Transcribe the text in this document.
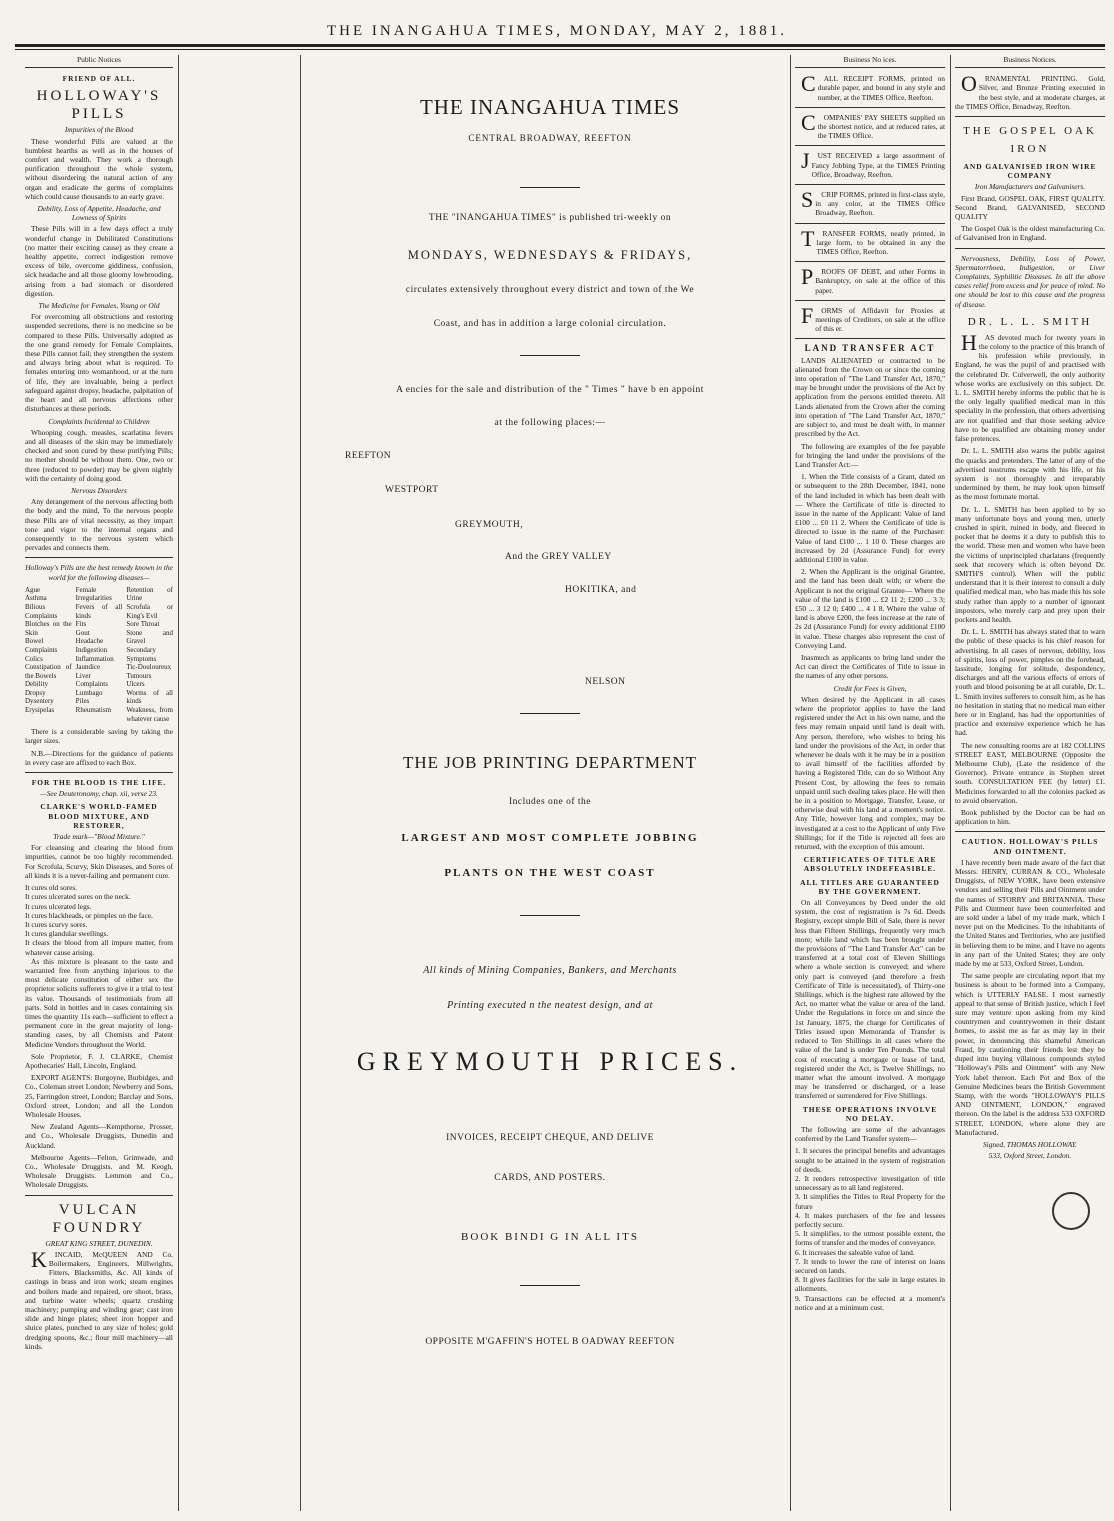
THE INANGAHUA TIMES, MONDAY, MAY 2, 1881.
Public Notices
FRIEND OF ALL.
HOLLOWAY'S PILLS
Impurities of the Blood

These wonderful Pills are valued at the humblest hearths as well as in the houses of comfort and wealth. They work a thorough purification throughout the whole system, without disordering the natural action of any organ and eradicate the germs of complaints which could cause thousands to an early grave.

Debility, Loss of Appetite, Headache, and Lowness of Spirits

These Pills will in a few days effect a truly wonderful change in Debilitated Constitutions (no matter their exciting cause) as they create a healthy appetite, correct indigestion remove excess of bile, overcome giddiness, confusion, sick headache and all those gloomy lowbrooding, arising from a bad stomach or disordered digestion.

The Medicine for Females, Young or Old

For overcoming all obstructions and restoring suspended secretions, there is no medicine so be compared to these Pills. Universally adopted as the one grand remedy for Female Complaints, these Pills cannot fail; they strengthen the system and always bring about what is required. To females entering into womanhood, or at the turn of life, they are invaluable, being a perfect safeguard against dropsy, headache, palpitation of the heart and all nervous affections other disturbances at these periods.

Complaints Incidental to Children

Whooping cough, measles, scarlatina fevers and all diseases of the skin may be immediately checked and soon cured by these purifying Pills; no mother should be without them. One, two or three (reduced to powder) may be given nightly with the certainty of doing good.

Nervous Disorders

Any derangement of the nervous affecting both the body and the mind, To the nervous people these Pills are of vital necessity, as they impart tone and vigor to the internal organs and consequently to the nervous system which pervades and connects them.

Holloway's Pills are the best remedy known in the world for the following diseases—
Ague
Asthma
Bilious Complaints
Blotches on the Skin
Bowel Complaints
Colics
Constipation of the Bowels
Debility
Dropsy
Dysentery
Erysipelas
Female Irregularities
Fevers of all kinds
Fits
Gout
Headache
Indigestion
Inflammation
Jaundice
Liver Complaints
Lumbago
Piles
Rheumatism
Retention of Urine
Scrofula or King's Evil
Sore Throat
Stone and Gravel
Secondary Symptoms
Tic-Douloureux
Tumours
Ulcers
Worms of all kinds
Weakness, from whatever cause

There is a considerable saving by taking the larger sizes.

N.B.—Directions for the guidance of patients in every case are affixed to each Box.

FOR THE BLOOD IS THE LIFE.
—See Deuteronomy, chap. xii, verse 23.
CLARKE'S WORLD-FAMED BLOOD MIXTURE, AND RESTORER,
Trade mark—"Blood Mixture."

For cleansing and clearing the blood from impurities, cannot be too highly recommended. For Scrofula, Scurvy, Skin Diseases, and Sores of all kinds it is a never-failing and permanent cure.

It cures old sores.
It cures ulcerated sores on the neck.
It cures ulcerated legs.
It cures blackheads, or pimples on the face.
It cures scurvy sores.
It cures glandular swellings.
It clears the blood from all impure matter, from whatever cause arising.

As this mixture is pleasant to the taste and warranted free from anything injurious to the most delicate constitution of either sex the proprietor solicits sufferers to give it a trial to test its value. Thousands of testimonials from all parts. Sold in bottles and in cases containing six times the quantity 11s each—sufficient to effect a permanent cure in the great majority of long-standing cases, by all Chemists and Patent Medicine Vendors throughout the World.

Sole Proprietor, F. J. CLARKE, Chemist Apothecaries' Hall, Lincoln, England.

EXPORT AGENTS: Burgoyne, Burbidges, and Co., Coleman street London; Newberry and Sons, 25, Farringdon street, London; Barclay and Sons, Oxford street, London; and all the London Wholesale Houses.

New Zealand Agents—Kempthorne, Prosser, and Co., Wholesale Druggists, Dunedin and Auckland.

Melbourne Agents—Felton, Grimwade, and Co., Wholesale Druggists. and M. Keogh, Wholesale Druggists. Lemmon and Co., Wholesale Druggists.

VULCAN FOUNDRY
GREAT KING STREET, DUNEDIN.

KINCAID, McQUEEN AND Co. Boilermakers, Engineers, Millwrights, Fitters, Blacksmiths, &c. All kinds of castings in brass and iron work; steam engines and boilers made and repaired, ore shoot, brass, and turbine water wheels; quartz crushing machinery; pumping and winding gear; cast iron slide and hinge plates; sheet iron hopper and sluice plates, punched to any size of holes; gold dredging spoons, &c.; flour mill machinery—all kinds.

THE INANGAHUA TIMES
CENTRAL BROADWAY, REEFTON
THE "INANGAHUA TIMES" is published tri-weekly on
MONDAYS, WEDNESDAYS & FRIDAYS,
circulates extensively throughout every district and town of the We
Coast, and has in addition a large colonial circulation.
A encies for the sale and distribution of the " Times " have b en appoint
at the following places:—
REEFTON
WESTPORT
GREYMOUTH,
And the GREY VALLEY
HOKITIKA, and
NELSON
THE JOB PRINTING DEPARTMENT
Includes one of the
LARGEST AND MOST COMPLETE JOBBING
PLANTS ON THE WEST COAST
All kinds of Mining Companies, Bankers, and Merchants
Printing executed n the neatest design, and at
GREYMOUTH PRICES.
INVOICES, RECEIPT CHEQUE, AND DELIVE
CARDS, AND POSTERS.
BOOK BINDI G IN ALL ITS
OPPOSITE M'GAFFIN'S HOTEL B OADWAY REEFTON
Business No ices.

CALL RECEIPT FORMS, printed on durable paper, and bound in any style and number, at the TIMES Office, Reefton.

COMPANIES' PAY SHEETS supplied on the shortest notice, and at reduced rates, at the TIMES Office.

JUST RECEIVED a large assortment of Fancy Jobbing Type, at the TIMES Printing Office, Broadway, Reefton.

SCRIP FORMS, printed in first-class style, in any color, at the TIMES Office Broadway, Reefton.

TRANSFER FORMS, neatly printed, in large form, to be obtained in any the TIMES Office, Reefton.

PROOFS OF DEBT, and other Forms in Bankruptcy, on sale at the office of this paper.

FORMS of Affidavit for Proxies at meetings of Creditors, on sale at the office of this er.

LAND TRANSFER ACT

LANDS ALIENATED or contracted to be alienated from the Crown on or since the coming into operation of "The Land Transfer Act, 1870," may be brought under the provisions of the Act by application from the persons entitled thereto. All Lands alienated from the Crown after the coming into operation of "The Land Transfer Act, 1870," are subject to, and must be dealt with, in manner prescribed by the Act.

The following are examples of the fee payable for bringing the land under the provisions of the Land Transfer Act:—

1. When the Title consists of a Grant, dated on or subsequent to the 28th December, 1841, none of the land included in which has been dealt with— Where the Certificate of title is directed to issue in the name of the Applicant: Value of land £100 ... £0 11 2. Where the Certificate of title is directed to issue in the name of the Purchaser: Value of land £100 ... 1 10 0. These charges are increased by 2d (Assurance Fund) for every additional £100 in value.

2. When the Applicant is the original Grantee, and the land has been dealt with; or where the Applicant is not the original Grantee— Where the value of the land is £100 ... £2 11 2; £200 ... 3 3; £50 ... 3 12 0; £400 ... 4 1 8. Where the value of land is above £200, the fees increase at the rate of 2s 2d (Assurance Fund) for every additional £100 in value. These charges also represent the cost of Conveying Land.

Inasmuch as applicants to bring land under the Act can direct the Certificates of Title to issue in the names of any other persons.

Credit for Fees is Given,

When desired by the Applicant in all cases where the proprietor applies to have the land registered under the Act in his own name, and the fees may remain unpaid until land is dealt with. Any person, therefore, who wishes to bring his land under the provisions of the Act, in order that whenever he deals with it he may be in a position to avail himself of the facilities afforded by having a Registered Title, can do so Without Any Present Cost, by allowing the fees to remain unpaid until such dealing takes place. He will then be in a position to Mortgage, Transfer, Lease, or otherwise deal with his land at a moment's notice. Any Title, however long and complex, may be investigated at a cost to the Applicant of only Five Shillings; for if the Title is rejected all fees are returned, with the exception of this amount.

CERTIFICATES OF TITLE ARE ABSOLUTELY INDEFEASIBLE.
ALL TITLES ARE GUARANTEED BY THE GOVERNMENT.

On all Conveyances by Deed under the old system, the cost of registration is 7s 6d. Deeds Registry, except simple Bill of Sale, there is never less than Fifteen Shillings, frequently very much more; while land which has been brought under the provisions of "The Land Transfer Act" can be transferred at a total cost of Eleven Shillings where a whole section is conveyed; and where only part is conveyed (and therefore a fresh Certificate of Title is necessitated), of Thirty-one Shillings, which is the highest rate allowed by the Act, no matter what the value or area of the land. Under the Regulations in force on and since the 1st January, 1875, the charge for Certificates of Titles issued upon Memoranda of Transfer is reduced to Ten Shillings in all cases where the value of the land is under Ten Pounds. The total cost of executing a mortgage or lease of land, registered under the Act, is Twelve Shillings, no matter what the amount involved. A mortgage may be transferred or discharged, or a lease transferred or surrendered for Five Shillings.

THESE OPERATIONS INVOLVE NO DELAY.

The following are some of the advantages conferred by the Land Transfer system—

1. It secures the principal benefits and advantages sought to be attained in the system of registration of deeds.
2. It renders retrospective investigation of title unnecessary as to all land registered.
3. It simplifies the Titles to Real Property for the future
4. It makes purchasers of the fee and lessees perfectly secure.
5. It simplifies, to the utmost possible extent, the forms of transfer and the modes of conveyance.
6. It increases the saleable value of land.
7. It tends to lower the rate of interest on loans secured on lands.
8. It gives facilities for the sale in large estates in allotments.
9. Transactions can be effected at a moment's notice and at a minimum cost.
Business Notices.

ORNAMENTAL PRINTING. Gold, Silver, and Bronze Printing executed in the best style, and at moderate charges, at the TIMES Office, Broadway, Reefton.

THE GOSPEL OAK IRON
AND GALVANISED IRON WIRE COMPANY
Iron Manufacturers and Galvanisers.

First Brand, GOSPEL OAK, FIRST QUALITY. Second Brand, GALVANISED, SECOND QUALITY

The Gospel Oak is the oldest manufacturing Co. of Galvanised Iron in England.

Nervousness, Debility, Loss of Power, Spermatorrhoea, Indigestion, or Liver Complaints, Syphilitic Diseases. In all the above cases relief from excess and for peace of mind. No one should be lost to this cause and the progress of disease.

DR. L. L. SMITH

HAS devoted much for twenty years in the colony to the practice of this branch of his profession while previously, in England, he was the pupil of and practised with the celebrated Dr. Culverwell, the only authority whose works are exclusively on this subject. Dr. L. L. SMITH hereby informs the public that he is the only legally qualified medical man in this speciality in the profession, that others advertising are not qualified and that those seeking advice have to be qualified are obtaining money under false pretences.

Dr. L. L. SMITH also warns the public against the quacks and pretenders. The latter of any of the advertised nostrums escape with his life, or his system is not thoroughly and irreparably undermined by them, he may look upon himself as the most fortunate mortal.

Dr. L. L. SMITH has been applied to by so many unfortunate boys and young men, utterly crushed in spirit, ruined in body, and fleeced in pocket that he deems it a duty to publish this to the world. These men and women who have been the victims of unprincipled charlatans (frequently seek that recovery which is often beyond Dr. SMITH'S control). When will the public understand that it is their interest to consult a duly qualified medical man, who has made this his sole study rather than apply to a number of ignorant impostors, who merely carp and prey upon their pockets and health.

Dr. L. L. SMITH has always stated that to warn the public of these quacks is his chief reason for advertising. In all cases of nervous, debility, loss of spirits, loss of power, pimples on the forehead, lassitude, longing for solitude, despondency, discharges and all the various effects of errors of youth and blood poisoning be at all curable, Dr. L. L. Smith invites sufferers to consult him, as he has no hesitation in stating that no medical man either here or in England, has had the opportunities of practice and extensive experience which he has had.

The new consulting rooms are at 182 COLLINS STREET EAST, MELBOURNE (Opposite the Melbourne Club), (Late the residence of the Governor). Private entrance in Stephen street south. CONSULTATION FEE (by letter) £1. Medicines forwarded to all the colonies packed as to avoid observation.

Book published by the Doctor can be had on application to him.

CAUTION. HOLLOWAY'S PILLS AND OINTMENT.

I have recently been made aware of the fact that Messrs. HENRY, CURRAN & CO., Wholesale Druggists, of NEW YORK, have been extensive vendors and selling their Pills and Ointment under the names of STORRY and BRITANNIA. These Pills and Ointment have been counterfeited and are sold under a label of my trade mark, which I never put on the Medicines. To the inhabitants of the United States and Territories, who are justified in believing them to be mine, and I have no agents in any part of the United States; they are only made by me at 533, Oxford Street, London.

The same people are circulating report that my business is about to be formed into a Company, which is UTTERLY FALSE. I most earnestly appeal to that sense of British justice, which I feel sure may venture upon asking from my kind countrymen and countrywomen in their distant homes, to assist me as far as may lay in their power, in denouncing this shameful American Fraud, by cautioning their friends lest they be duped into buying villainous compounds styled "Holloway's Pills and Ointment" with any New York label thereon. Each Pot and Box of the Genuine Medicines bears the British Government Stamp, with the words "HOLLOWAY'S PILLS AND OINTMENT, LONDON," engraved thereon. On the label is the address 533 OXFORD STREET, LONDON, where alone they are Manufactured.

Signed, THOMAS HOLLOWAY.
533, Oxford Street, London.
